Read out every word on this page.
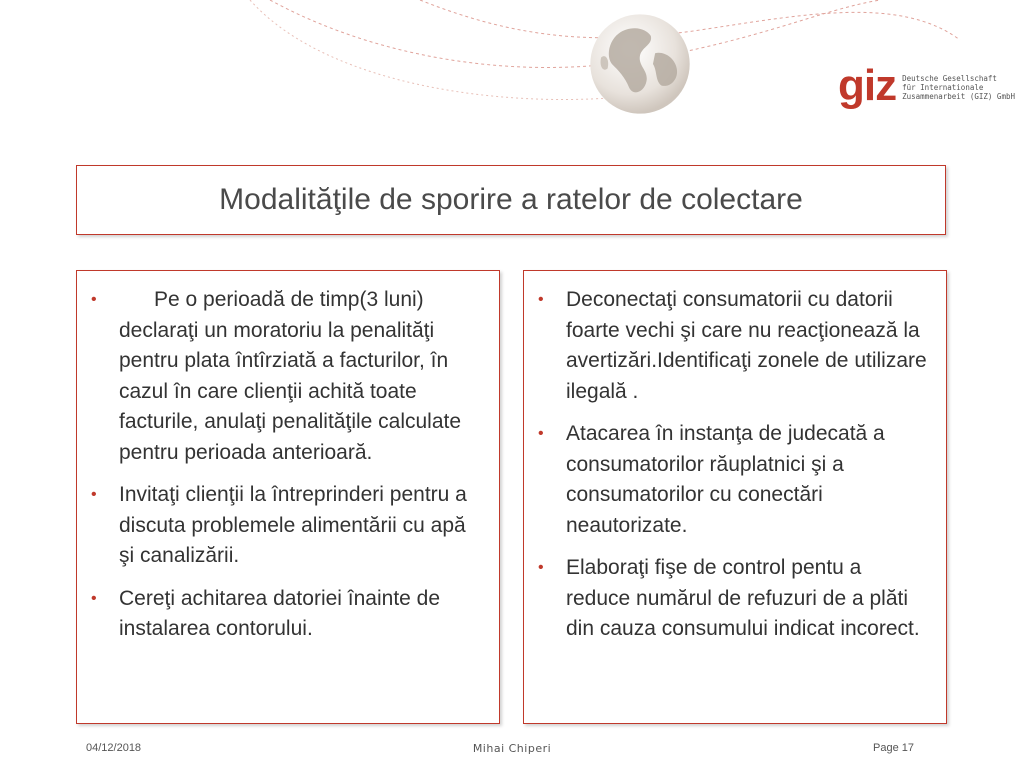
giz Deutsche Gesellschaft
für Internationale
Zusammenarbeit (GIZ) GmbH
Modalităţile de sporire a ratelor de colectare
• Pe o perioadă de timp(3 luni) declaraţi un moratoriu la penalităţi pentru plata întîrziată a facturilor, în cazul în care clienţii achită toate facturile, anulaţi penalităţile calculate pentru perioada anterioară.
• Invitaţi clienţii la întreprinderi pentru a discuta problemele alimentării cu apă şi canalizării.
• Cereţi achitarea datoriei înainte de instalarea contorului.
• Deconectaţi consumatorii cu datorii foarte vechi şi care nu reacţionează la avertizări.Identificaţi zonele de utilizare ilegală .
• Atacarea în instanţa de judecată a consumatorilor răuplatnici şi a consumatorilor cu conectări neautorizate.
• Elaboraţi fişe de control pentu a reduce numărul de refuzuri de a plăti din cauza consumului indicat incorect.
04/12/2018	Mihai Chiperi	Page 17
